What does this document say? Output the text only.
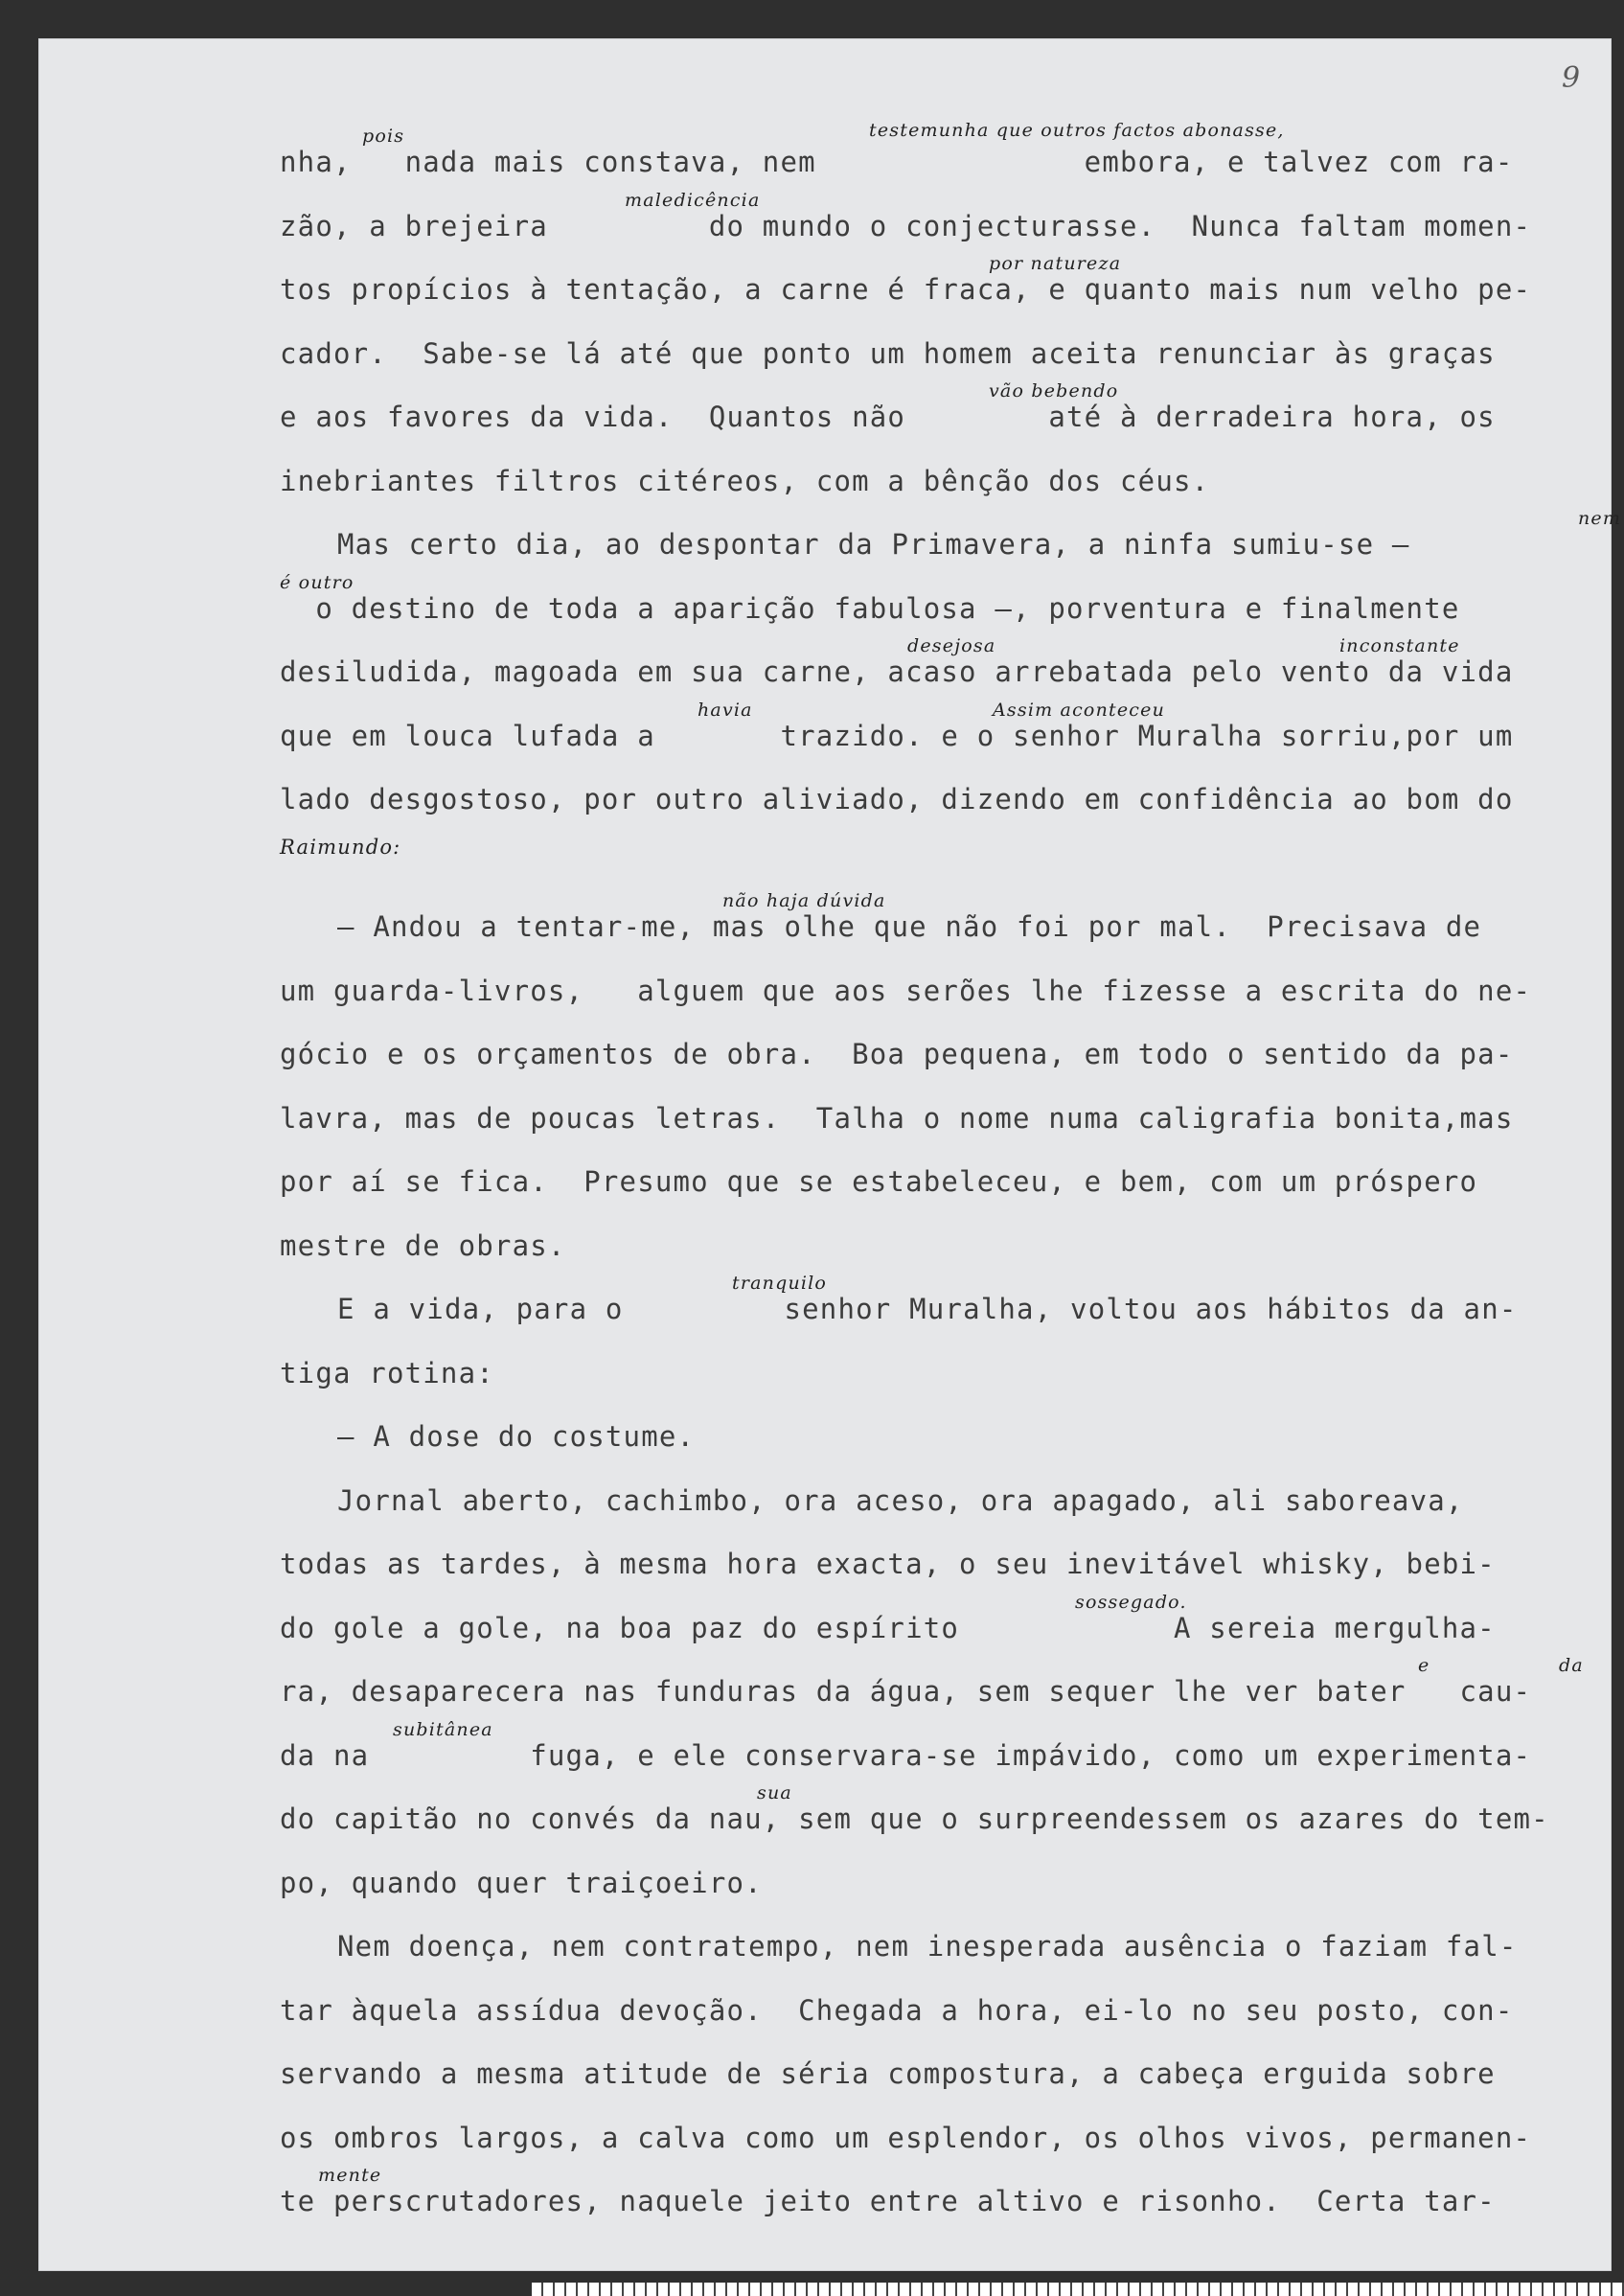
9
nha,   nada mais constava, nem               embora, e talvez com ra-
testemunha que outros factos abonasse,
pois
zão, a brejeira         do mundo o conjecturasse.  Nunca faltam momen-
maledicência
tos propícios à tentação, a carne é fraca, e quanto mais num velho pe-
por natureza
cador.  Sabe-se lá até que ponto um homem aceita renunciar às graças
e aos favores da vida.  Quantos não        até à derradeira hora, os
vão bebendo
inebriantes filtros citéreos, com a bênção dos céus.
Mas certo dia, ao despontar da Primavera, a ninfa sumiu-se —
nem
o destino de toda a aparição fabulosa —, porventura e finalmente
é outro
desiludida, magoada em sua carne, acaso arrebatada pelo vento da vida
desejosa	inconstante
que em louca lufada a       trazido. e o senhor Muralha sorriu,por um
havia	Assim aconteceu
lado desgostoso, por outro aliviado, dizendo em confidência ao bom do
Raimundo:
— Andou a tentar-me, mas olhe que não foi por mal.  Precisava de
não haja dúvida
um guarda-livros,   alguem que aos serões lhe fizesse a escrita do ne-
gócio e os orçamentos de obra.  Boa pequena, em todo o sentido da pa-
lavra, mas de poucas letras.  Talha o nome numa caligrafia bonita,mas
por aí se fica.  Presumo que se estabeleceu, e bem, com um próspero
mestre de obras.
E a vida, para o         senhor Muralha, voltou aos hábitos da an-
tranquilo
tiga rotina:
— A dose do costume.
Jornal aberto, cachimbo, ora aceso, ora apagado, ali saboreava,
todas as tardes, à mesma hora exacta, o seu inevitável whisky, bebi-
do gole a gole, na boa paz do espírito            A sereia mergulha-
sossegado.
ra, desaparecera nas funduras da água, sem sequer lhe ver bater   cau-
e	da
da na         fuga, e ele conservara-se impávido, como um experimenta-
subitânea
do capitão no convés da nau, sem que o surpreendessem os azares do tem-
sua
po, quando quer traiçoeiro.
Nem doença, nem contratempo, nem inesperada ausência o faziam fal-
tar àquela assídua devoção.  Chegada a hora, ei-lo no seu posto, con-
servando a mesma atitude de séria compostura, a cabeça erguida sobre
os ombros largos, a calva como um esplendor, os olhos vivos, permanen-
te perscrutadores, naquele jeito entre altivo e risonho.  Certa tar-
mente
